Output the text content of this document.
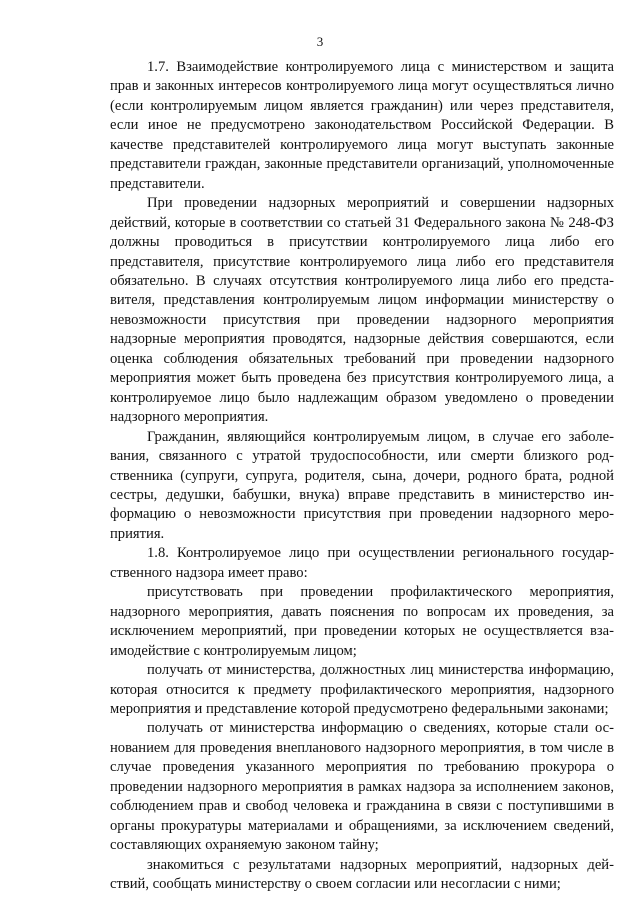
3

1.7. Взаимодействие контролируемого лица с министерством и защита прав и законных интересов контролируемого лица могут осуществляться лично (если контролируемым лицом является гражданин) или через представителя, если иное не предусмотрено законодательством Российской Федерации. В качестве представителей контролируемого лица могут выступать законные представители граждан, законные представители организаций, уполномоченные представители.

При проведении надзорных мероприятий и совершении надзорных действий, которые в соответствии со статьей 31 Федерального закона № 248-ФЗ должны проводиться в присутствии контролируемого лица либо его представителя, присутствие контролируемого лица либо его представителя обязательно. В случаях отсутствия контролируемого лица либо его представителя, представления контролируемым лицом информации министерству о невозможности присутствия при проведении надзорного мероприятия надзорные мероприятия проводятся, надзорные действия совершаются, если оценка соблюдения обязательных требований при проведении надзорного мероприятия может быть проведена без присутствия контролируемого лица, а контролируемое лицо было надлежащим образом уведомлено о проведении надзорного мероприятия.

Гражданин, являющийся контролируемым лицом, в случае его заболевания, связанного с утратой трудоспособности, или смерти близкого родственника (супруги, супруга, родителя, сына, дочери, родного брата, родной сестры, дедушки, бабушки, внука) вправе представить в министерство информацию о невозможности присутствия при проведении надзорного мероприятия.

1.8. Контролируемое лицо при осуществлении регионального государственного надзора имеет право:

присутствовать при проведении профилактического мероприятия, надзорного мероприятия, давать пояснения по вопросам их проведения, за исключением мероприятий, при проведении которых не осуществляется взаимодействие с контролируемым лицом;

получать от министерства, должностных лиц министерства информацию, которая относится к предмету профилактического мероприятия, надзорного мероприятия и представление которой предусмотрено федеральными законами;

получать от министерства информацию о сведениях, которые стали основанием для проведения внепланового надзорного мероприятия, в том числе в случае проведения указанного мероприятия по требованию прокурора о проведении надзорного мероприятия в рамках надзора за исполнением законов, соблюдением прав и свобод человека и гражданина в связи с поступившими в органы прокуратуры материалами и обращениями, за исключением сведений, составляющих охраняемую законом тайну;

знакомиться с результатами надзорных мероприятий, надзорных действий, сообщать министерству о своем согласии или несогласии с ними;
